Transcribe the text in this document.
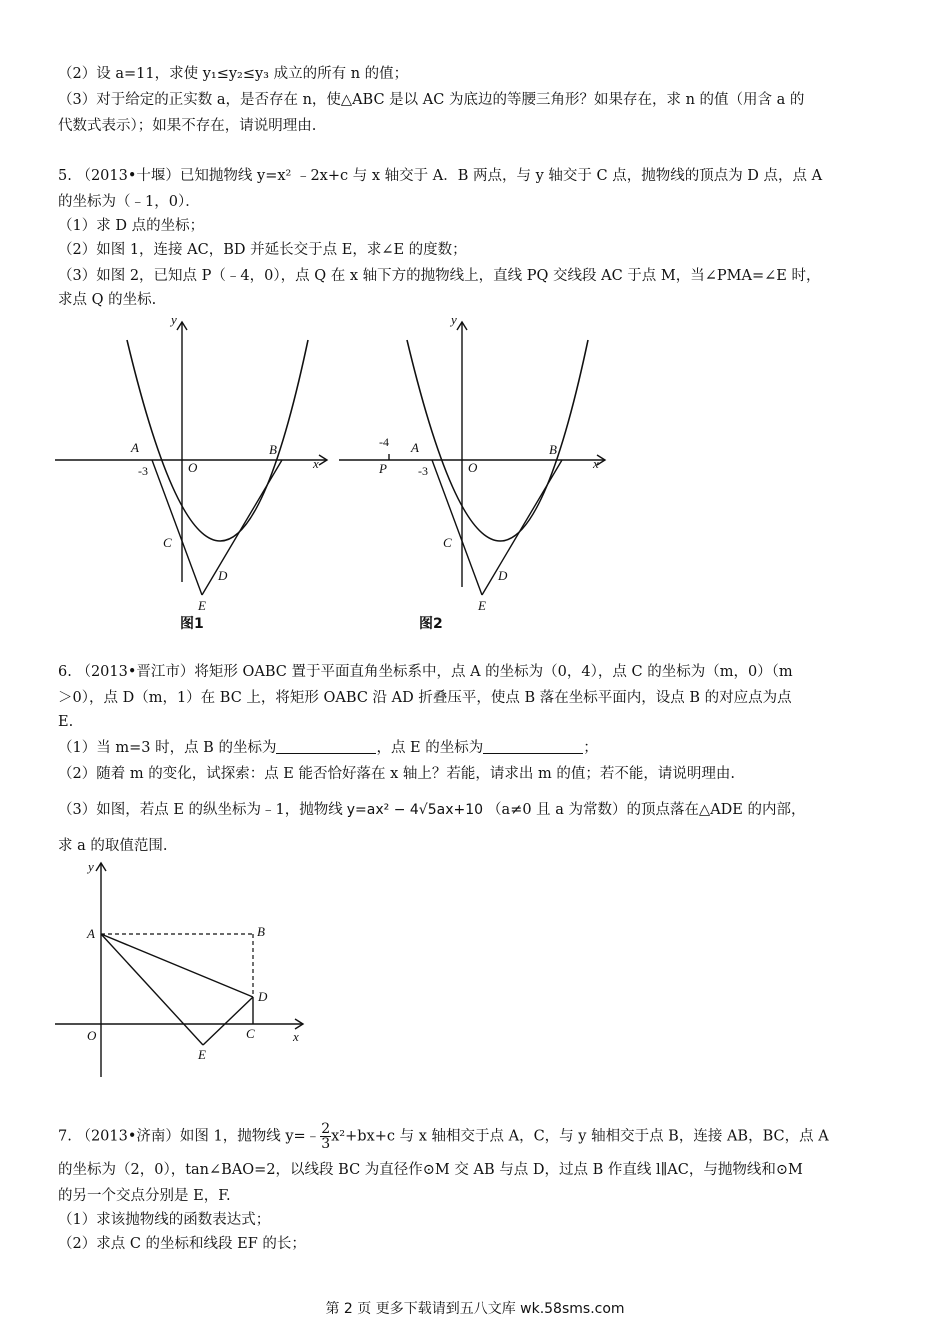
（2）设 a=11，求使 y₁≤y₂≤y₃ 成立的所有 n 的值；
（3）对于给定的正实数 a，是否存在 n，使△ABC 是以 AC 为底边的等腰三角形？如果存在，求 n 的值（用含 a 的
代数式表示）；如果不存在，请说明理由.
5. （2013•十堰）已知抛物线 y=x² ﹣2x+c 与 x 轴交于 A．B 两点，与 y 轴交于 C 点，抛物线的顶点为 D 点，点 A
的坐标为（﹣1，0）．
（1）求 D 点的坐标；
（2）如图 1，连接 AC，BD 并延长交于点 E，求∠E 的度数；
（3）如图 2，已知点 P（﹣4，0），点 Q 在 x 轴下方的抛物线上，直线 PQ 交线段 AC 于点 M，当∠PMA=∠E 时，
求点 Q 的坐标.
y
x
A
-3	O
B
C
D
E
图1
-4
P
y
x
A
-3	O
B
C
D
E
图2
6. （2013•晋江市）将矩形 OABC 置于平面直角坐标系中，点 A 的坐标为（0，4），点 C 的坐标为（m，0）（m
＞0），点 D（m，1）在 BC 上，将矩形 OABC 沿 AD 折叠压平，使点 B 落在坐标平面内，设点 B 的对应点为点
E.
（1）当 m=3 时，点 B 的坐标为	，点 E 的坐标为	；
（2）随着 m 的变化，试探索：点 E 能否恰好落在 x 轴上？若能，请求出 m 的值；若不能，请说明理由.
（3）如图，若点 E 的纵坐标为﹣1，抛物线 y=ax² − 4√5ax+10 （a≠0 且 a 为常数）的顶点落在△ADE 的内部，
求 a 的取值范围.
y
x
A	B
D
C
E
O
7. （2013•济南）如图 1，抛物线 y=﹣ $\frac{2}{3} x^2+bx+c$ 与 x 轴相交于点 A，C，与 y 轴相交于点 B，连接 AB，BC，点 A
的坐标为（2，0），tan∠BAO=2，以线段 BC 为直径作⊙M 交 AB 与点 D，过点 B 作直线 l∥AC，与抛物线和⊙M
的另一个交点分别是 E，F.
（1）求该抛物线的函数表达式；
（2）求点 C 的坐标和线段 EF 的长；
第 2 页 更多下载请到五八文库 wk.58sms.com
